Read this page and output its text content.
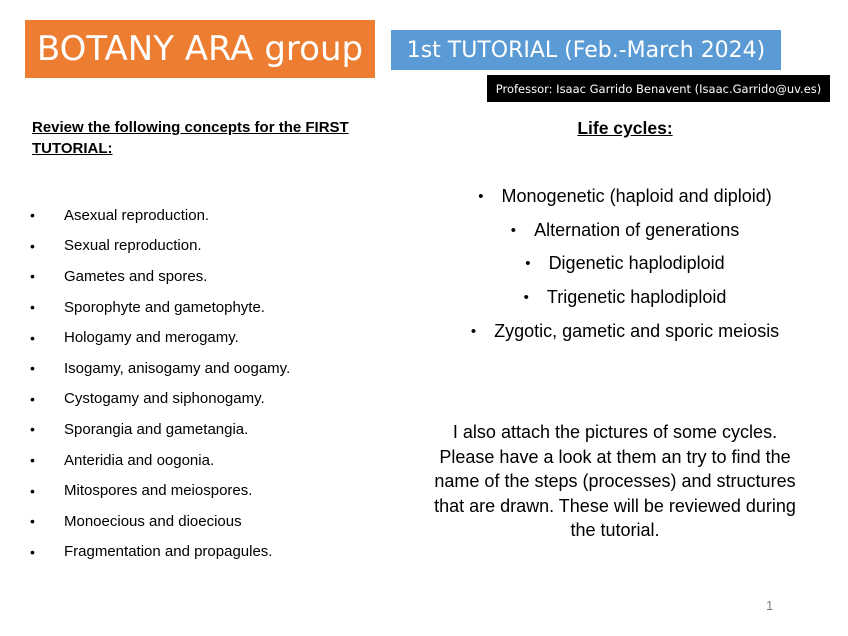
BOTANY ARA group	1st TUTORIAL (Feb.-March 2024)
Professor: Isaac Garrido Benavent (Isaac.Garrido@uv.es)
Review the following concepts for the FIRST TUTORIAL:
•	Asexual reproduction.
•	Sexual reproduction.
•	Gametes and spores.
•	Sporophyte and gametophyte.
•	Hologamy and merogamy.
•	Isogamy, anisogamy and oogamy.
•	Cystogamy and siphonogamy.
•	Sporangia and gametangia.
•	Anteridia and oogonia.
•	Mitospores and meiospores.
•	Monoecious and dioecious
•	Fragmentation and propagules.
Life cycles:
• Monogenetic (haploid and diploid)
• Alternation of generations
• Digenetic haplodiploid
• Trigenetic haplodiploid
• Zygotic, gametic and sporic meiosis
I also attach the pictures of some cycles. Please have a look at them an try to find the name of the steps (processes) and structures that are drawn. These will be reviewed during the tutorial.
1
